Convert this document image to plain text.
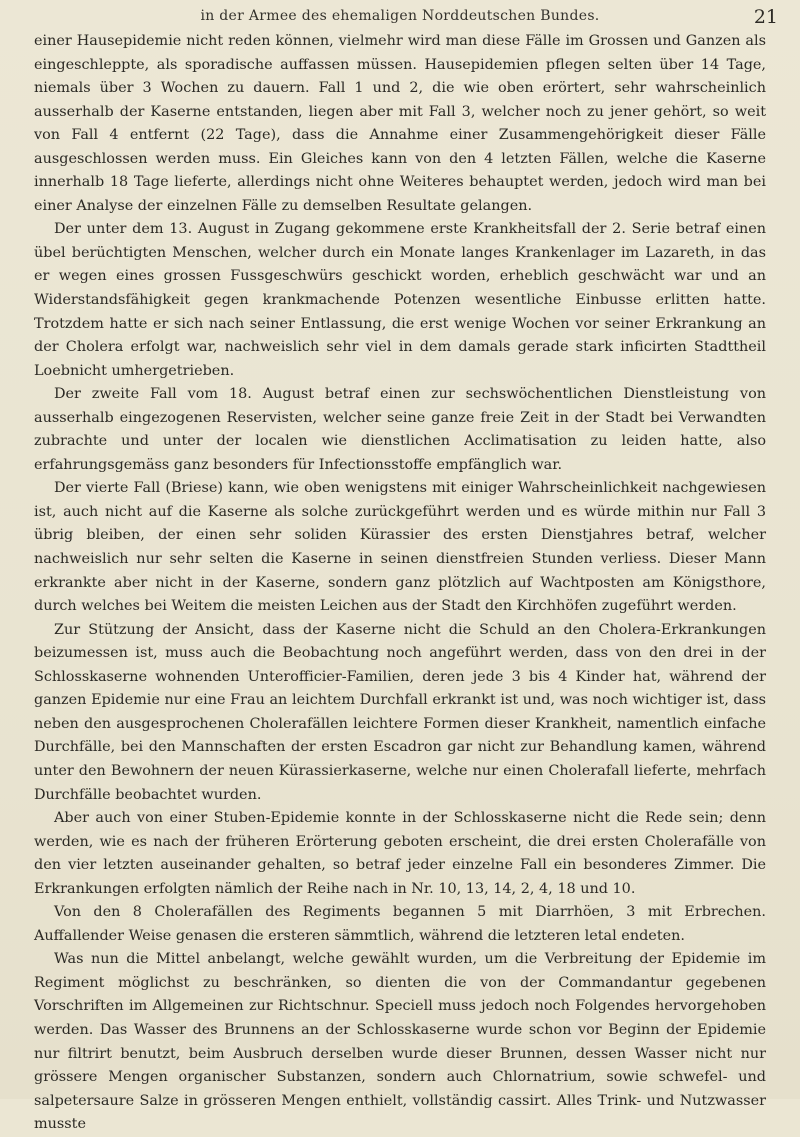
in der Armee des ehemaligen Norddeutschen Bundes.	21

einer Hausepidemie nicht reden können, vielmehr wird man diese Fälle im Grossen und Ganzen als eingeschleppte, als sporadische auffassen müssen. Hausepidemien pflegen selten über 14 Tage, niemals über 3 Wochen zu dauern. Fall 1 und 2, die wie oben erörtert, sehr wahrscheinlich ausserhalb der Kaserne entstanden, liegen aber mit Fall 3, welcher noch zu jener gehört, so weit von Fall 4 entfernt (22 Tage), dass die Annahme einer Zusammengehörigkeit dieser Fälle ausgeschlossen werden muss. Ein Gleiches kann von den 4 letzten Fällen, welche die Kaserne innerhalb 18 Tage lieferte, allerdings nicht ohne Weiteres behauptet werden, jedoch wird man bei einer Analyse der einzelnen Fälle zu demselben Resultate gelangen.

Der unter dem 13. August in Zugang gekommene erste Krankheitsfall der 2. Serie betraf einen übel berüchtigten Menschen, welcher durch ein Monate langes Krankenlager im Lazareth, in das er wegen eines grossen Fussgeschwürs geschickt worden, erheblich geschwächt war und an Widerstandsfähigkeit gegen krankmachende Potenzen wesentliche Einbusse erlitten hatte. Trotzdem hatte er sich nach seiner Entlassung, die erst wenige Wochen vor seiner Erkrankung an der Cholera erfolgt war, nachweislich sehr viel in dem damals gerade stark inficirten Stadttheil Loebnicht umhergetrieben.

Der zweite Fall vom 18. August betraf einen zur sechswöchentlichen Dienstleistung von ausserhalb eingezogenen Reservisten, welcher seine ganze freie Zeit in der Stadt bei Verwandten zubrachte und unter der localen wie dienstlichen Acclimatisation zu leiden hatte, also erfahrungsgemäss ganz besonders für Infectionsstoffe empfänglich war.

Der vierte Fall (Briese) kann, wie oben wenigstens mit einiger Wahrscheinlichkeit nachgewiesen ist, auch nicht auf die Kaserne als solche zurückgeführt werden und es würde mithin nur Fall 3 übrig bleiben, der einen sehr soliden Kürassier des ersten Dienstjahres betraf, welcher nachweislich nur sehr selten die Kaserne in seinen dienstfreien Stunden verliess. Dieser Mann erkrankte aber nicht in der Kaserne, sondern ganz plötzlich auf Wachtposten am Königsthore, durch welches bei Weitem die meisten Leichen aus der Stadt den Kirchhöfen zugeführt werden.

Zur Stützung der Ansicht, dass der Kaserne nicht die Schuld an den Cholera-Erkrankungen beizumessen ist, muss auch die Beobachtung noch angeführt werden, dass von den drei in der Schlosskaserne wohnenden Unterofficier-Familien, deren jede 3 bis 4 Kinder hat, während der ganzen Epidemie nur eine Frau an leichtem Durchfall erkrankt ist und, was noch wichtiger ist, dass neben den ausgesprochenen Cholerafällen leichtere Formen dieser Krankheit, namentlich einfache Durchfälle, bei den Mannschaften der ersten Escadron gar nicht zur Behandlung kamen, während unter den Bewohnern der neuen Kürassierkaserne, welche nur einen Cholerafall lieferte, mehrfach Durchfälle beobachtet wurden.

Aber auch von einer Stuben-Epidemie konnte in der Schlosskaserne nicht die Rede sein; denn werden, wie es nach der früheren Erörterung geboten erscheint, die drei ersten Cholerafälle von den vier letzten auseinander gehalten, so betraf jeder einzelne Fall ein besonderes Zimmer. Die Erkrankungen erfolgten nämlich der Reihe nach in Nr. 10, 13, 14, 2, 4, 18 und 10.

Von den 8 Cholerafällen des Regiments begannen 5 mit Diarrhöen, 3 mit Erbrechen. Auffallender Weise genasen die ersteren sämmtlich, während die letzteren letal endeten.

Was nun die Mittel anbelangt, welche gewählt wurden, um die Verbreitung der Epidemie im Regiment möglichst zu beschränken, so dienten die von der Commandantur gegebenen Vorschriften im Allgemeinen zur Richtschnur. Speciell muss jedoch noch Folgendes hervorgehoben werden. Das Wasser des Brunnens an der Schlosskaserne wurde schon vor Beginn der Epidemie nur filtrirt benutzt, beim Ausbruch derselben wurde dieser Brunnen, dessen Wasser nicht nur grössere Mengen organischer Substanzen, sondern auch Chlornatrium, sowie schwefel- und salpetersaure Salze in grösseren Mengen enthielt, vollständig cassirt. Alles Trink- und Nutzwasser musste
